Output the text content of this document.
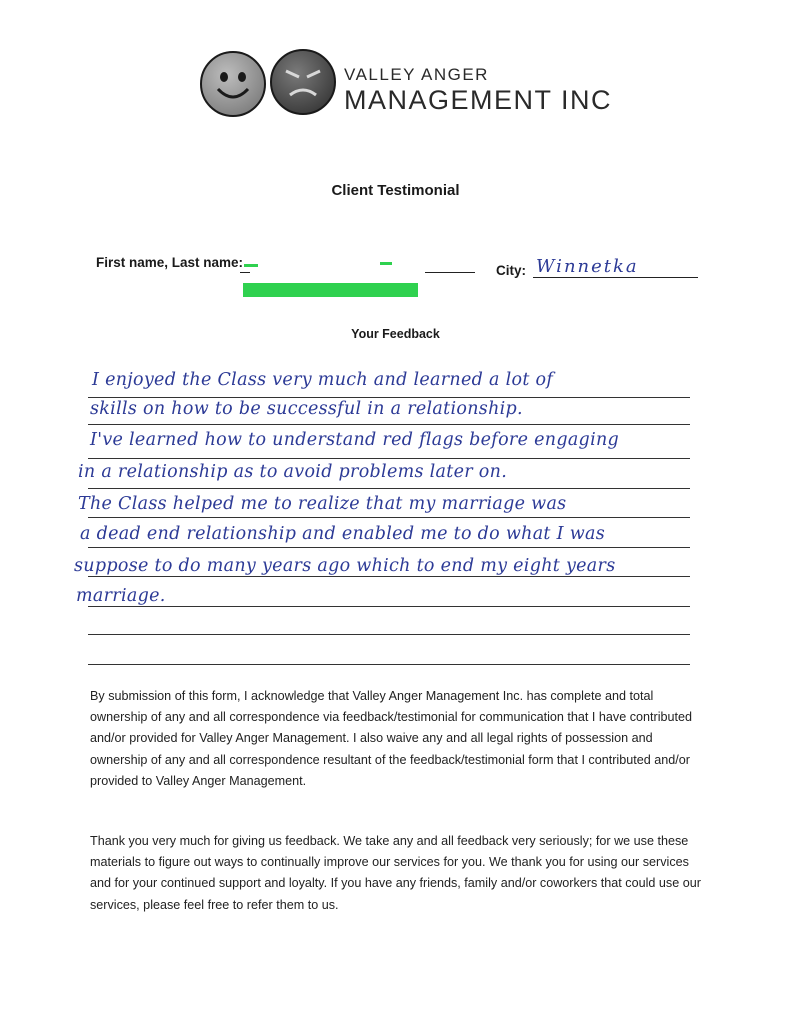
VALLEY ANGER
MANAGEMENT INC
Client Testimonial
First name, Last name:
City: Winnetka
Your Feedback
I enjoyed the Class very much and learned a lot of
skills on how to be successful in a relationship.
I've learned how to understand red flags before engaging
in a relationship as to avoid problems later on.
The Class helped me to realize that my marriage was
a dead end relationship and enabled me to do what I was
suppose to do many years ago which to end my eight years
marriage.
By submission of this form, I acknowledge that Valley Anger Management Inc. has complete and total ownership of any and all correspondence via feedback/testimonial for communication that I have contributed and/or provided for Valley Anger Management. I also waive any and all legal rights of possession and ownership of any and all correspondence resultant of the feedback/testimonial form that I contributed and/or provided to Valley Anger Management.
Thank you very much for giving us feedback. We take any and all feedback very seriously; for we use these materials to figure out ways to continually improve our services for you. We thank you for using our services and for your continued support and loyalty. If you have any friends, family and/or coworkers that could use our services, please feel free to refer them to us.
